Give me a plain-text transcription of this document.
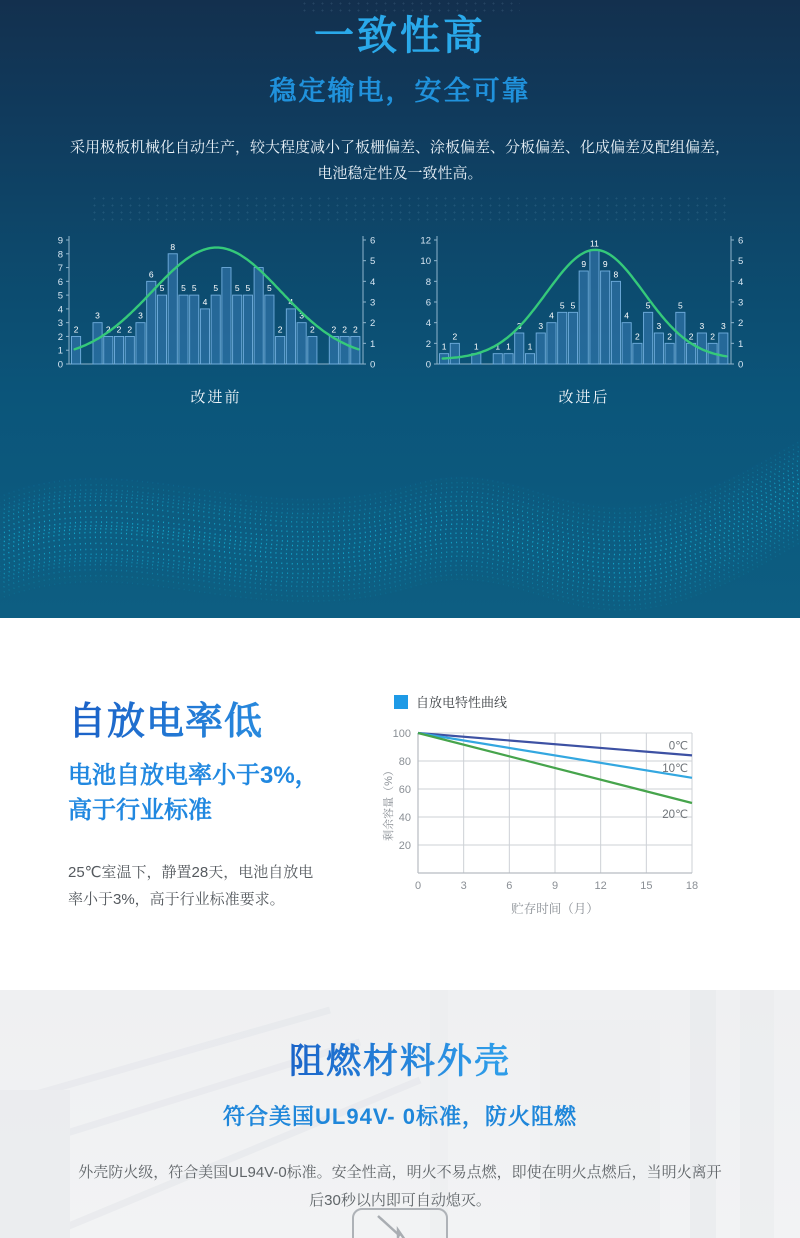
一致性高
稳定输电，安全可靠

采用极板机械化自动生产，较大程度减小了板栅偏差、涂板偏差、分板偏差、化成偏差及配组偏差，
电池稳定性及一致性高。

0
1
2
3
4
5
6
7
8
9
0
1
2
3
4
5
6
2
3
2 2 2
3
6
5
8
5 5
4
5 5 5 5
2
4
3
2 2 2 2
改进前
0
2
4
6
8
10
12
0
1
2
3
4
5
6
1
2
1 1 1
3
1
3
4
5 5
9
11
9
8
4
2
5
3
2
5
2
3
2
3
改进后
自放电率低

电池自放电率小于3%，
高于行业标准

25℃室温下，静置28天，电池自放电
率小于3%，高于行业标准要求。

自放电特性曲线
20
40
60
80
100
0	3	6	9	12	15	18
剩余容量（%）
贮存时间（月）
0℃
10℃
20℃
阻燃材料外壳

符合美国UL94V- 0标准，防火阻燃

外壳防火级，符合美国UL94V-0标准。安全性高，明火不易点燃，即使在明火点燃后，当明火离开
后30秒以内即可自动熄灭。
